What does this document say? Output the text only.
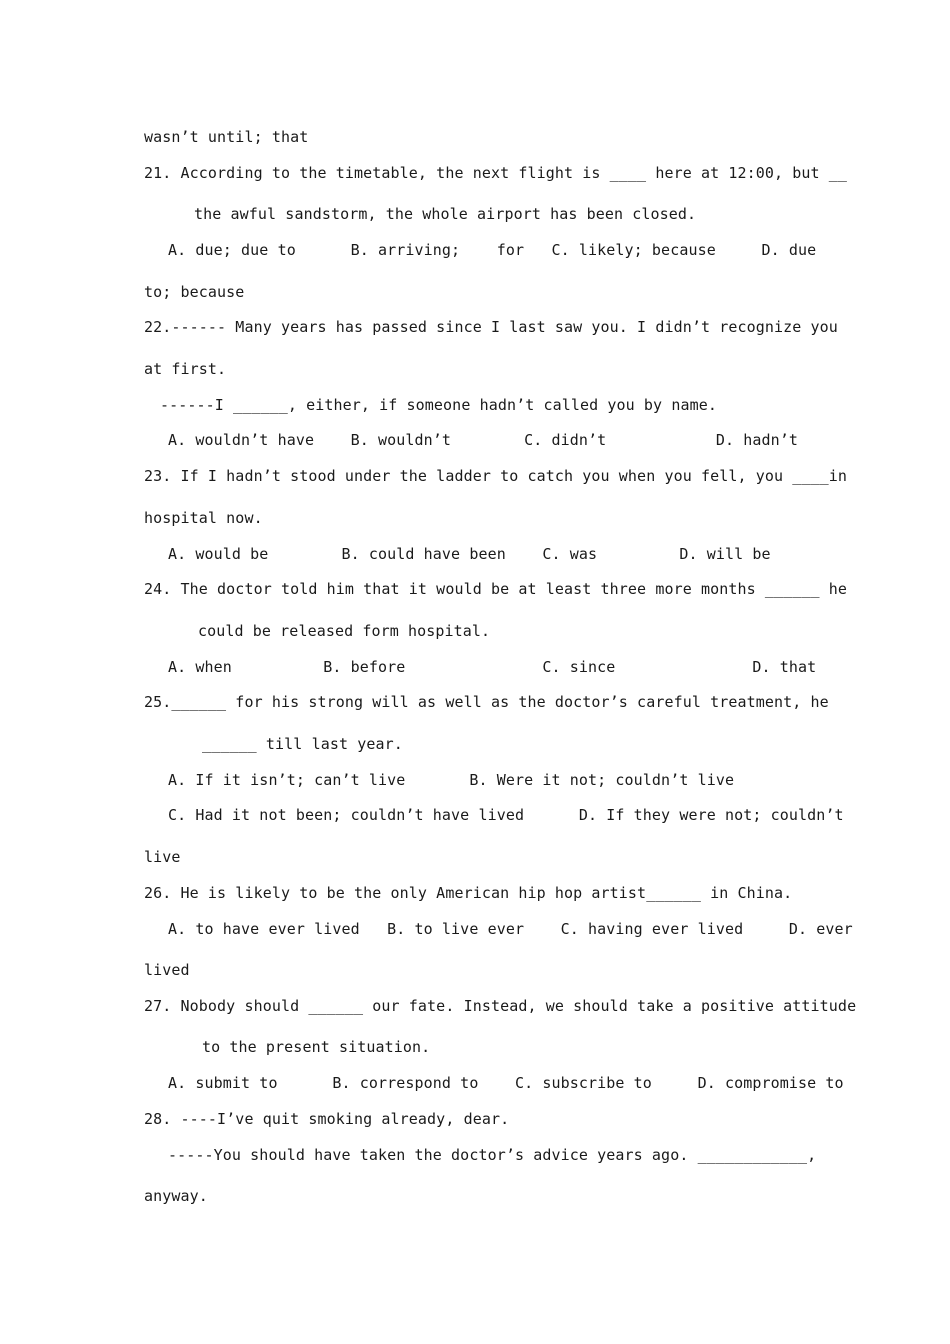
wasn’t until; that
21. According to the timetable, the next flight is ____ here at 12:00, but __
the awful sandstorm, the whole airport has been closed.
A. due; due to      B. arriving;    for   C. likely; because     D. due
to; because
22.------ Many years has passed since I last saw you. I didn’t recognize you
at first.
------I ______, either, if someone hadn’t called you by name.
A. wouldn’t have    B. wouldn’t        C. didn’t            D. hadn’t
23. If I hadn’t stood under the ladder to catch you when you fell, you ____in
hospital now.
A. would be        B. could have been    C. was         D. will be
24. The doctor told him that it would be at least three more months ______ he
could be released form hospital.
A. when          B. before               C. since               D. that
25.______ for his strong will as well as the doctor’s careful treatment, he
______ till last year.
A. If it isn’t; can’t live       B. Were it not; couldn’t live
C. Had it not been; couldn’t have lived      D. If they were not; couldn’t
live
26. He is likely to be the only American hip hop artist______ in China.
A. to have ever lived   B. to live ever    C. having ever lived     D. ever
lived
27. Nobody should ______ our fate. Instead, we should take a positive attitude
to the present situation.
A. submit to      B. correspond to    C. subscribe to     D. compromise to
28. ----I’ve quit smoking already, dear.
-----You should have taken the doctor’s advice years ago. ____________,
anyway.
